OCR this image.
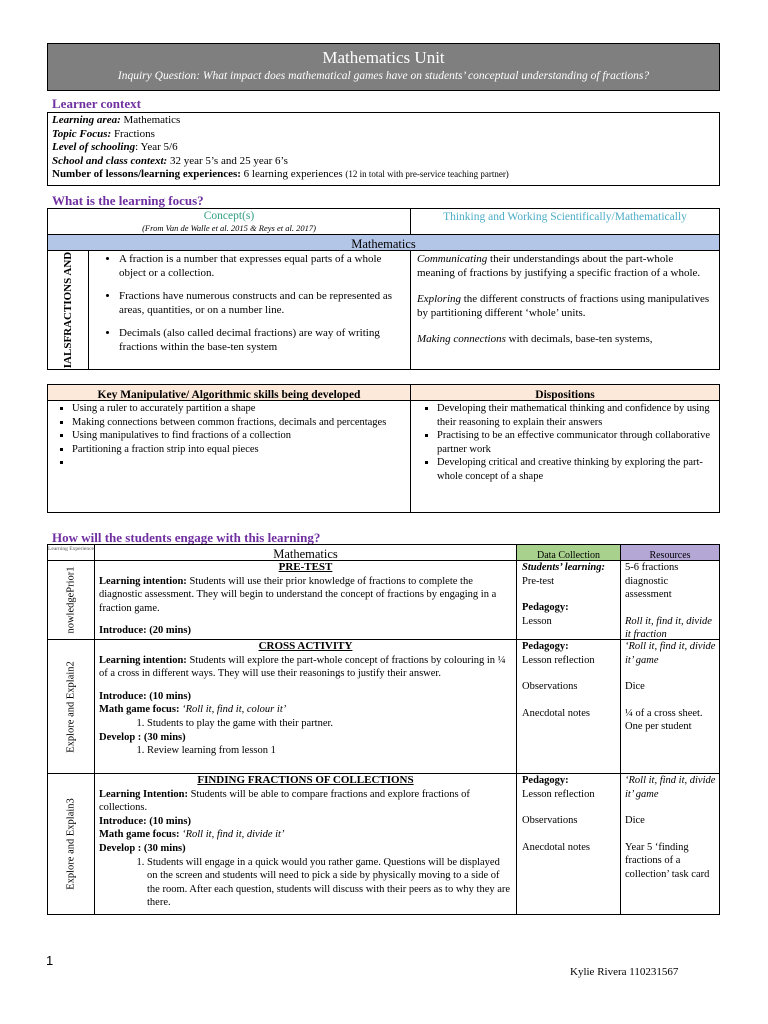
Mathematics Unit
Inquiry Question: What impact does mathematical games have on students’ conceptual understanding of fractions?
Learner context
Learning area: Mathematics
Topic Focus: Fractions
Level of schooling: Year 5/6
School and class context: 32 year 5’s and 25 year 6’s
Number of lessons/learning experiences: 6 learning experiences (12 in total with pre-service teaching partner)
What is the learning focus?
Concept(s)
(From Van de Walle et al. 2015 & Reys et al. 2017)
Thinking and Working Scientifically/Mathematically
Mathematics
IALSFRACTIONS AND
•	A fraction is a number that expresses equal parts of a whole object or a collection.
• Fractions have numerous constructs and can be represented as areas, quantities, or on a number line.
• Decimals (also called decimal fractions) are way of writing fractions within the base-ten system
Communicating their understandings about the part-whole meaning of fractions by justifying a specific fraction of a whole.
Exploring the different constructs of fractions using manipulatives by partitioning different ‘whole’ units.
Making connections with decimals, base-ten systems,
Key Manipulative/ Algorithmic skills being developed	Dispositions
▪ Using a ruler to accurately partition a shape
▪ Making connections between common fractions, decimals and percentages
▪ Using manipulatives to find fractions of a collection
▪ Partitioning a fraction strip into equal pieces
▪
▪ Developing their mathematical thinking and confidence by using their reasoning to explain their answers
▪ Practising to be an effective communicator through collaborative partner work
▪ Developing critical and creative thinking by exploring the part-whole concept of a shape
How will the students engage with this learning?
Learning Experience	Mathematics	Data Collection	Resources
nowledgePrior1	PRE-TEST
Learning intention: Students will use their prior knowledge of fractions to complete the diagnostic assessment. They will begin to understand the concept of fractions by engaging in a fraction game.
Introduce: (20 mins)
Students’ learning:
Pre-test
Pedagogy:
Lesson
5-6 fractions diagnostic assessment
Roll it, find it, divide it fraction
Explore and Explain2
CROSS ACTIVITY
Learning intention: Students will explore the part-whole concept of fractions by colouring in ¼ of a cross in different ways. They will use their reasonings to justify their answer.
Introduce: (10 mins)
Math game focus: ‘Roll it, find it, colour it’
1. Students to play the game with their partner.
Develop : (30 mins)
1. Review learning from lesson 1
Pedagogy:
Lesson reflection
Observations
Anecdotal notes
‘Roll it, find it, divide it’ game
Dice
¼ of a cross sheet. One per student
Explore and Explain3
FINDING FRACTIONS OF COLLECTIONS
Learning Intention: Students will be able to compare fractions and explore fractions of collections.
Introduce: (10 mins)
Math game focus: ‘Roll it, find it, divide it’
Develop : (30 mins)
1. Students will engage in a quick would you rather game. Questions will be displayed on the screen and students will need to pick a side by physically moving to a side of the room. After each question, students will discuss with their peers as to why they are there.
Pedagogy:
Lesson reflection
Observations
Anecdotal notes
‘Roll it, find it, divide it’ game
Dice
Year 5 ‘finding fractions of a collection’ task card
1
Kylie Rivera 110231567
